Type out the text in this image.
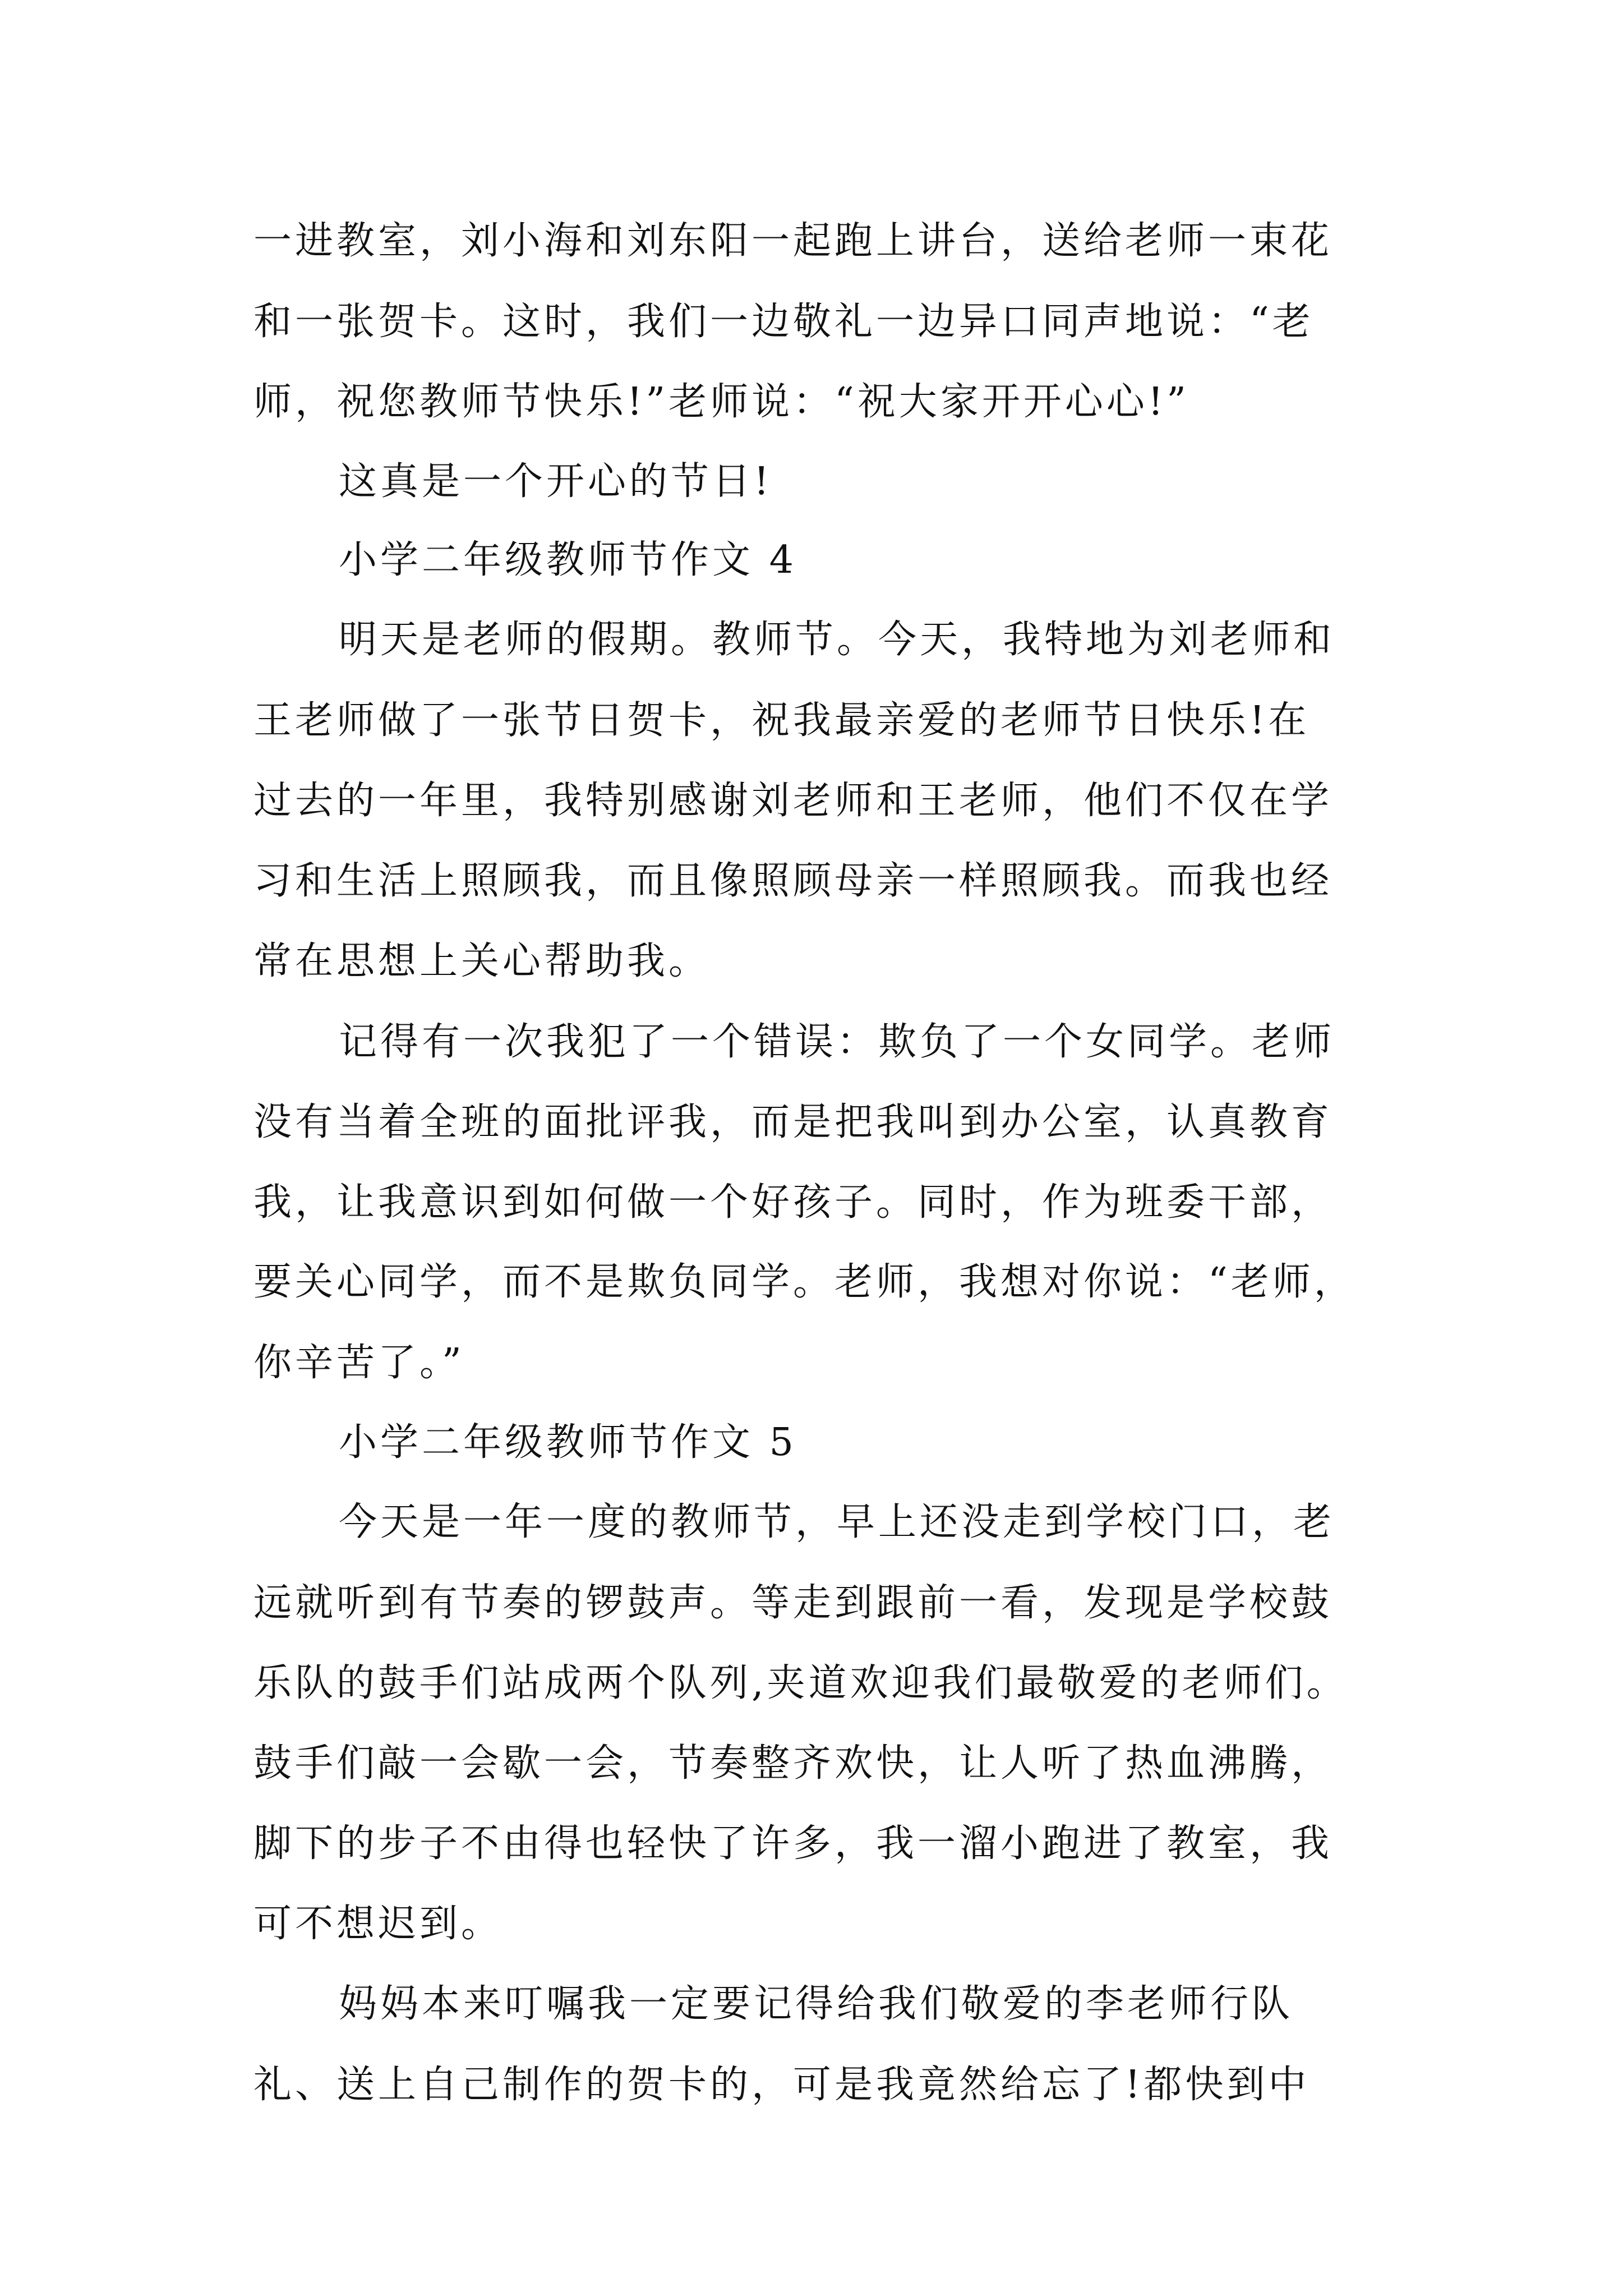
一进教室，刘小海和刘东阳一起跑上讲台，送给老师一束花
和一张贺卡。这时，我们一边敬礼一边异口同声地说：“老
师，祝您教师节快乐!”老师说：“祝大家开开心心!”
这真是一个开心的节日!
小学二年级教师节作文 4
明天是老师的假期。教师节。今天，我特地为刘老师和
王老师做了一张节日贺卡，祝我最亲爱的老师节日快乐!在
过去的一年里，我特别感谢刘老师和王老师，他们不仅在学
习和生活上照顾我，而且像照顾母亲一样照顾我。而我也经
常在思想上关心帮助我。
记得有一次我犯了一个错误：欺负了一个女同学。老师
没有当着全班的面批评我，而是把我叫到办公室，认真教育
我，让我意识到如何做一个好孩子。同时，作为班委干部，
要关心同学，而不是欺负同学。老师，我想对你说：“老师，
你辛苦了。”
小学二年级教师节作文 5
今天是一年一度的教师节，早上还没走到学校门口，老
远就听到有节奏的锣鼓声。等走到跟前一看，发现是学校鼓
乐队的鼓手们站成两个队列,夹道欢迎我们最敬爱的老师们。
鼓手们敲一会歇一会，节奏整齐欢快，让人听了热血沸腾，
脚下的步子不由得也轻快了许多，我一溜小跑进了教室，我
可不想迟到。
妈妈本来叮嘱我一定要记得给我们敬爱的李老师行队
礼、送上自己制作的贺卡的，可是我竟然给忘了!都快到中
